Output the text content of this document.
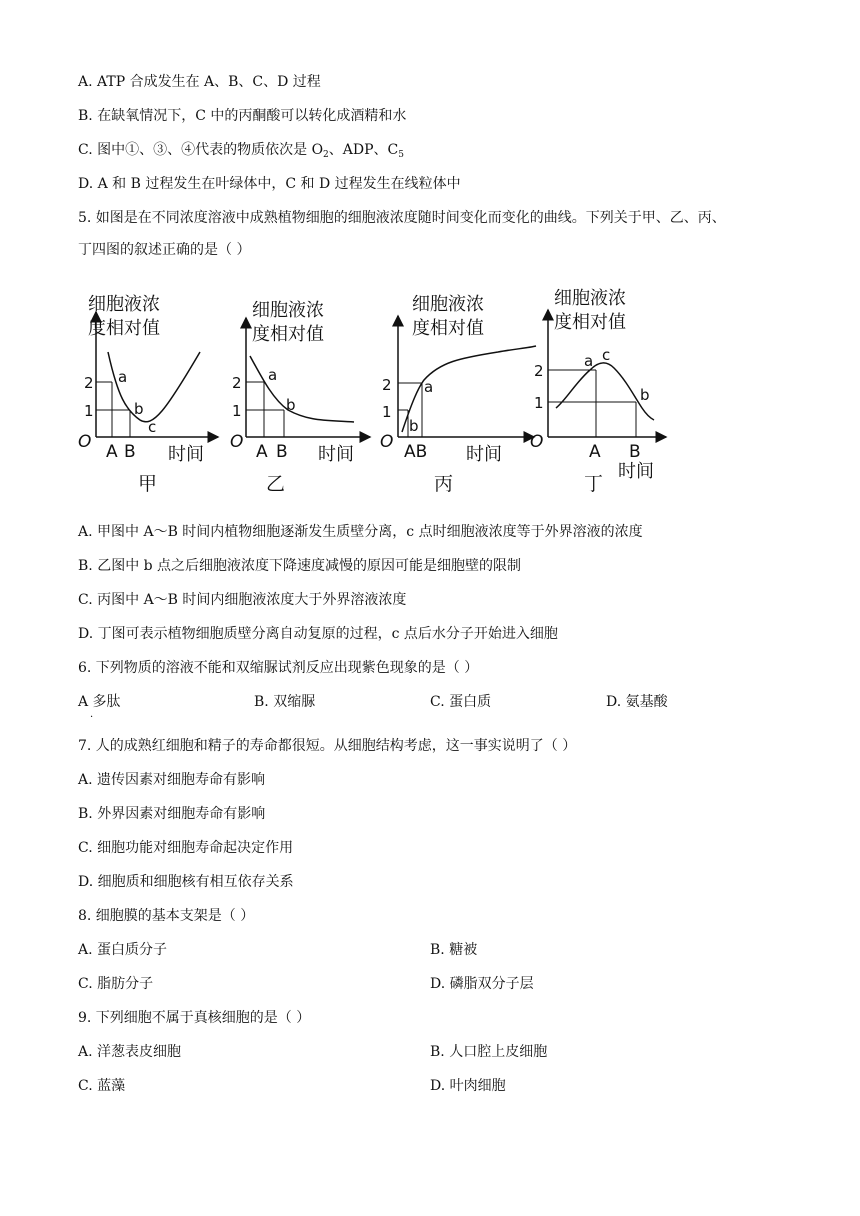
A. ATP 合成发生在 A、B、C、D 过程
B. 在缺氧情况下，C 中的丙酮酸可以转化成酒精和水
C. 图中①、③、④代表的物质依次是 $O_2$、ADP、$C_5$
D. A 和 B 过程发生在叶绿体中，C 和 D 过程发生在线粒体中
5. 如图是在不同浓度溶液中成熟植物细胞的细胞液浓度随时间变化而变化的曲线。下列关于甲、乙、丙、
丁四图的叙述正确的是（ ）
细胞液浓
度相对值
O
2
1
a
b
c
A B 时间
甲
细胞液浓
度相对值
O
2
1
a
b
A B 时间
乙
细胞液浓
度相对值
O
2
1
a
b
AB 时间
丙
细胞液浓
度相对值
O
2
1
a c
b
A B
时间
丁
A. 甲图中 A～B 时间内植物细胞逐渐发生质壁分离，c 点时细胞液浓度等于外界溶液的浓度
B. 乙图中 b 点之后细胞液浓度下降速度减慢的原因可能是细胞壁的限制
C. 丙图中 A～B 时间内细胞液浓度大于外界溶液浓度
D. 丁图可表示植物细胞质壁分离自动复原的过程，c 点后水分子开始进入细胞
6. 下列物质的溶液不能和双缩脲试剂反应出现紫色现象的是（ ）
A 多肽
·
B. 双缩脲	C. 蛋白质	D. 氨基酸
7. 人的成熟红细胞和精子的寿命都很短。从细胞结构考虑，这一事实说明了（ ）
A. 遗传因素对细胞寿命有影响
B. 外界因素对细胞寿命有影响
C. 细胞功能对细胞寿命起决定作用
D. 细胞质和细胞核有相互依存关系
8. 细胞膜的基本支架是（ ）
A. 蛋白质分子	B. 糖被
C. 脂肪分子	D. 磷脂双分子层
9. 下列细胞不属于真核细胞的是（ ）
A. 洋葱表皮细胞	B. 人口腔上皮细胞
C. 蓝藻	D. 叶肉细胞
